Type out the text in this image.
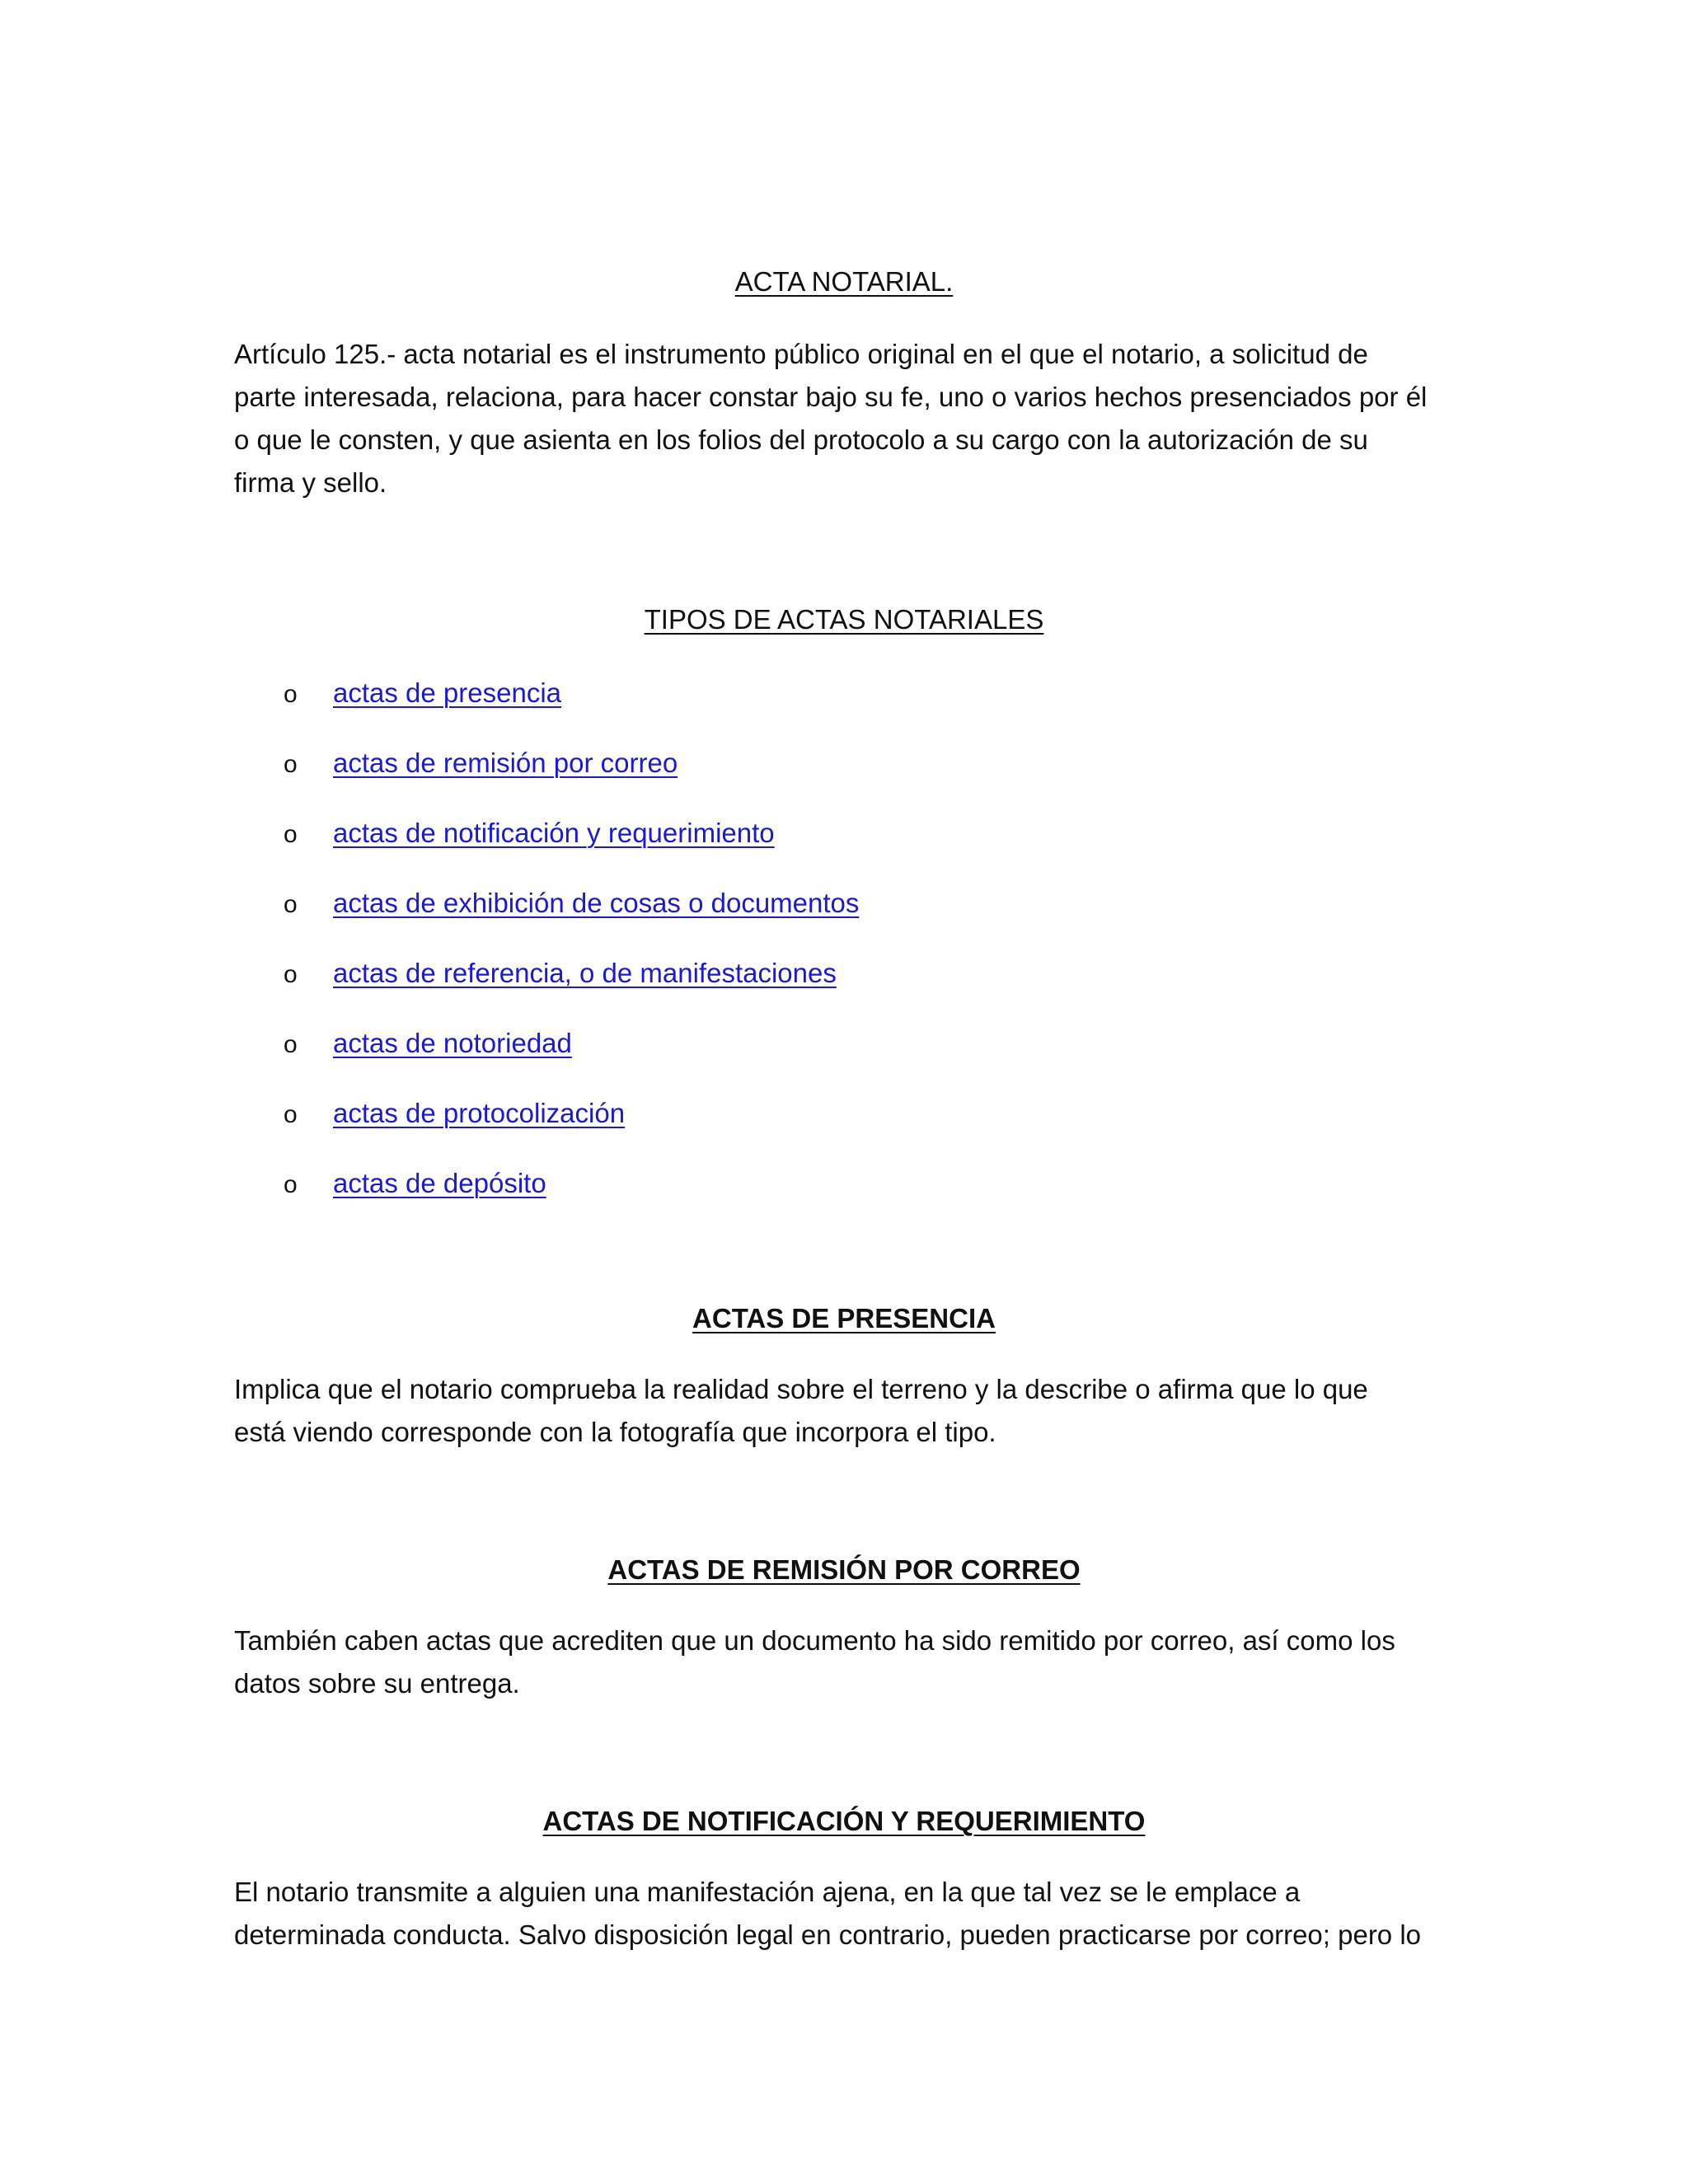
ACTA NOTARIAL.

Artículo 125.- acta notarial es el instrumento público original en el que el notario, a solicitud de
parte interesada, relaciona, para hacer constar bajo su fe, uno o varios hechos presenciados por él
o que le consten, y que asienta en los folios del protocolo a su cargo con la autorización de su
firma y sello.

TIPOS DE ACTAS NOTARIALES
o actas de presencia
o actas de remisión por correo
o actas de notificación y requerimiento
o actas de exhibición de cosas o documentos
o actas de referencia, o de manifestaciones
o actas de notoriedad
o actas de protocolización
o actas de depósito
ACTAS DE PRESENCIA

Implica que el notario comprueba la realidad sobre el terreno y la describe o afirma que lo que
está viendo corresponde con la fotografía que incorpora el tipo.

ACTAS DE REMISIÓN POR CORREO

También caben actas que acrediten que un documento ha sido remitido por correo, así como los
datos sobre su entrega.

ACTAS DE NOTIFICACIÓN Y REQUERIMIENTO

El notario transmite a alguien una manifestación ajena, en la que tal vez se le emplace a
determinada conducta. Salvo disposición legal en contrario, pueden practicarse por correo; pero lo
